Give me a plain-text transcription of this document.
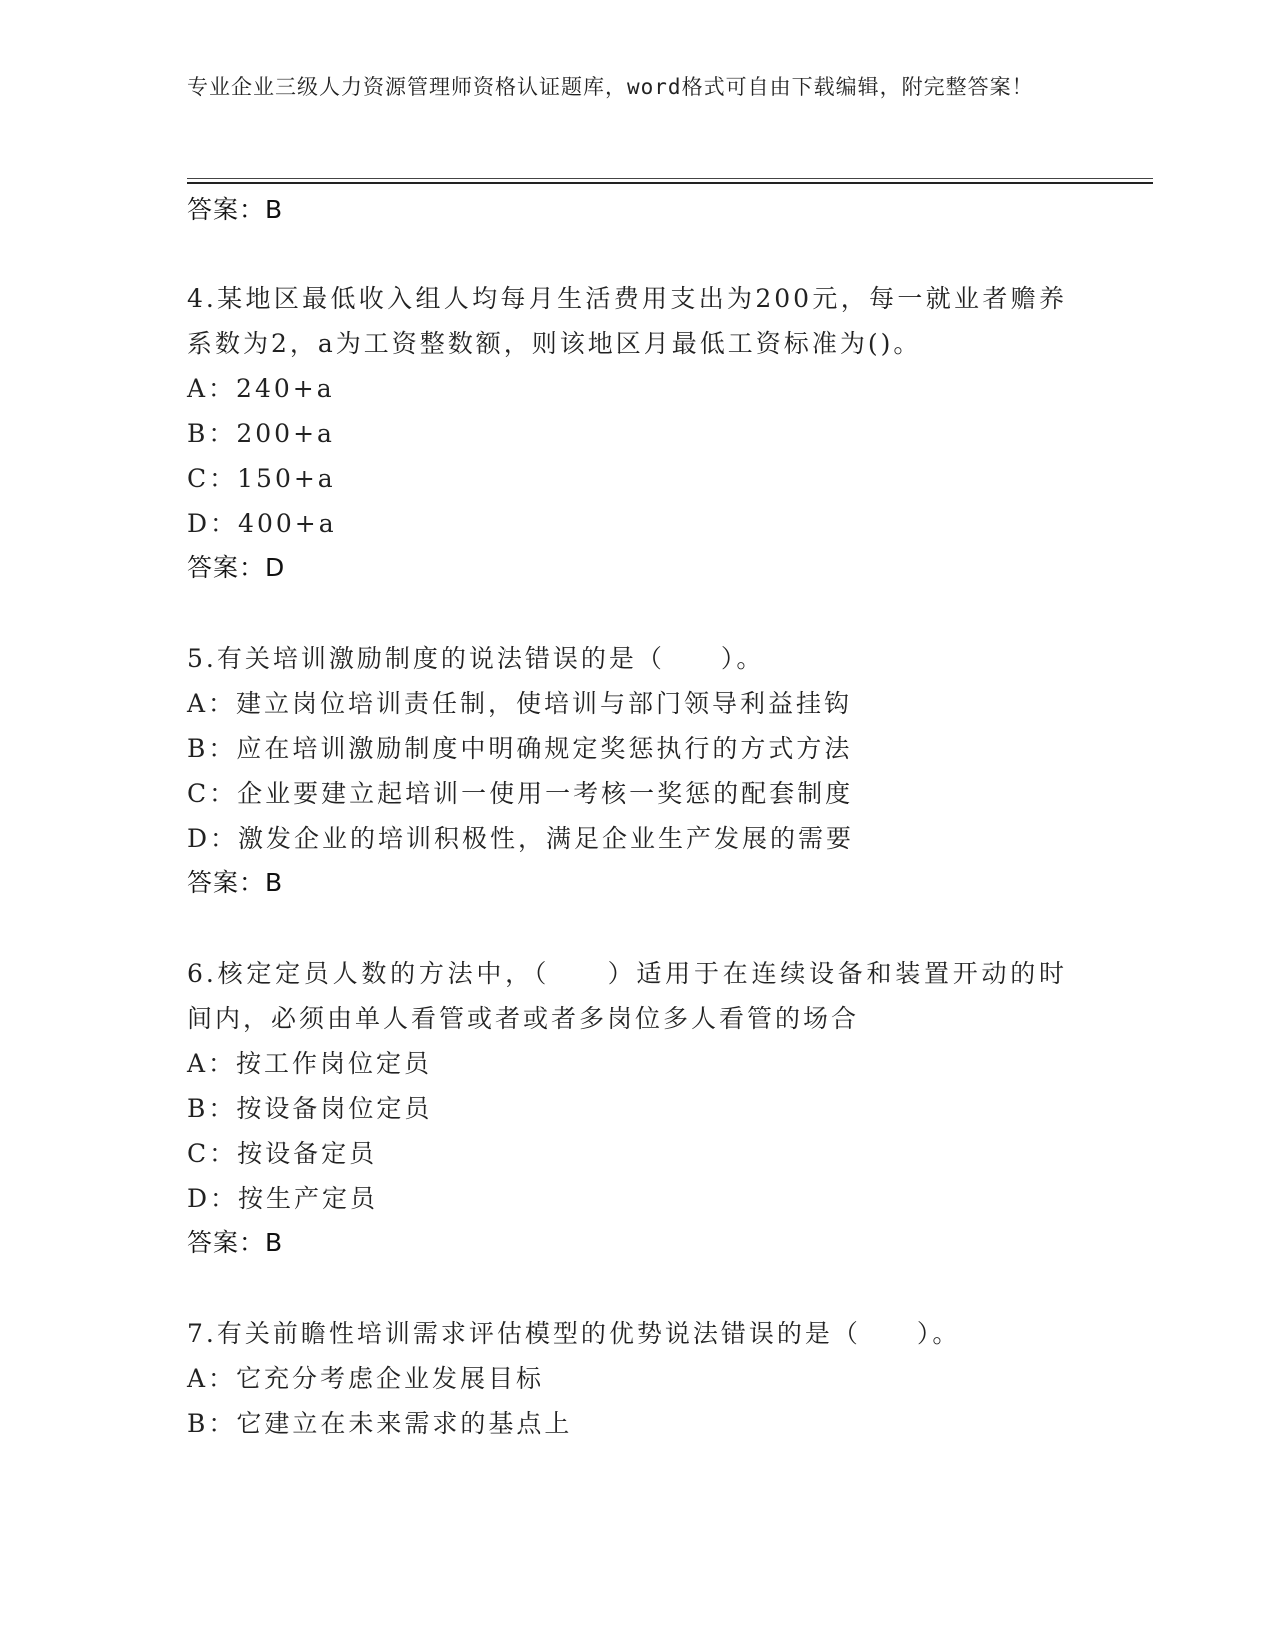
专业企业三级人力资源管理师资格认证题库，word格式可自由下载编辑，附完整答案！
答案：B
4.某地区最低收入组人均每月生活费用支出为200元，每一就业者赡养系数为2，a为工资整数额，则该地区月最低工资标准为()。
A：240+a
B：200+a
C：150+a
D：400+a
答案：D
5.有关培训激励制度的说法错误的是（　　）。
A：建立岗位培训责任制，使培训与部门领导利益挂钩
B：应在培训激励制度中明确规定奖惩执行的方式方法
C：企业要建立起培训一使用一考核一奖惩的配套制度
D：激发企业的培训积极性，满足企业生产发展的需要
答案：B
6.核定定员人数的方法中，（　　）适用于在连续设备和装置开动的时间内，必须由单人看管或者或者多岗位多人看管的场合
A：按工作岗位定员
B：按设备岗位定员
C：按设备定员
D：按生产定员
答案：B
7.有关前瞻性培训需求评估模型的优势说法错误的是（　　）。
A：它充分考虑企业发展目标
B：它建立在未来需求的基点上
